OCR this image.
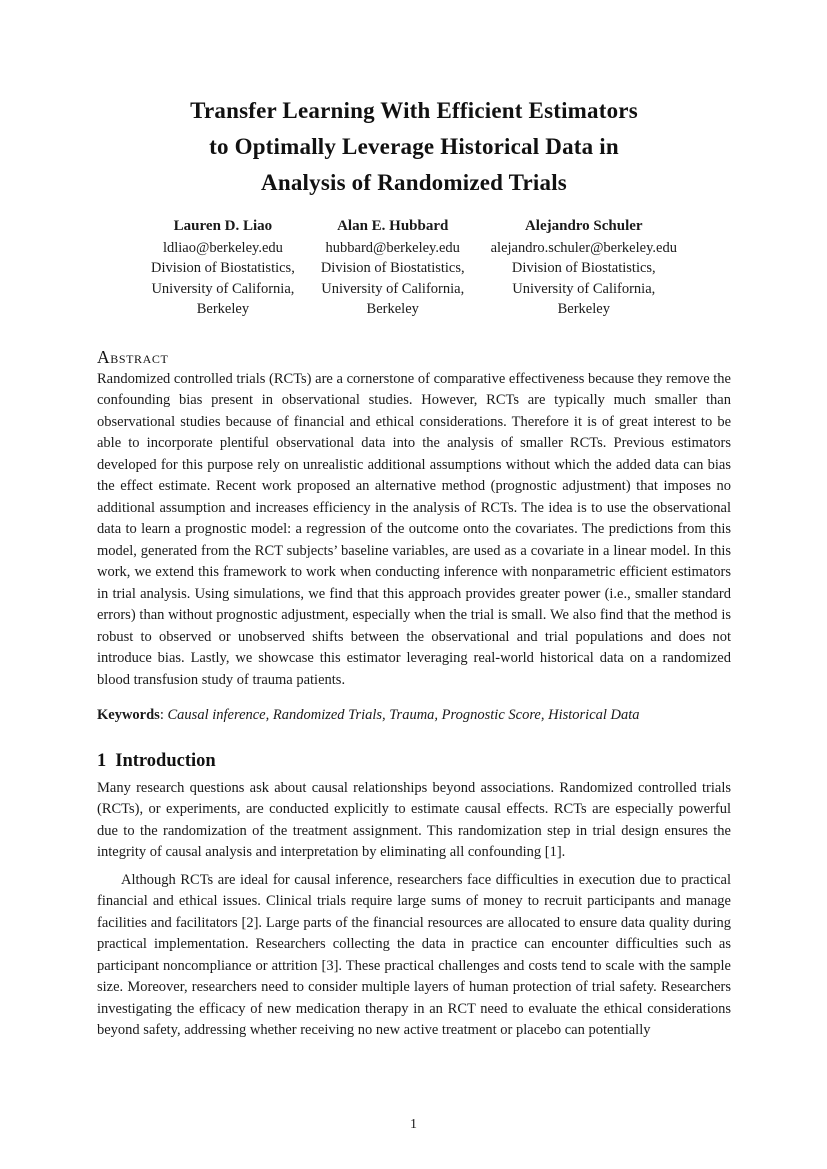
Transfer Learning With Efficient Estimators
to Optimally Leverage Historical Data in
Analysis of Randomized Trials
Lauren D. Liao
ldliao@berkeley.edu
Division of Biostatistics,
University of California,
Berkeley
Alan E. Hubbard
hubbard@berkeley.edu
Division of Biostatistics,
University of California,
Berkeley
Alejandro Schuler
alejandro.schuler@berkeley.edu
Division of Biostatistics,
University of California,
Berkeley
Abstract

Randomized controlled trials (RCTs) are a cornerstone of comparative effectiveness because they remove the confounding bias present in observational studies. However, RCTs are typically much smaller than observational studies because of financial and ethical considerations. Therefore it is of great interest to be able to incorporate plentiful observational data into the analysis of smaller RCTs. Previous estimators developed for this purpose rely on unrealistic additional assumptions without which the added data can bias the effect estimate. Recent work proposed an alternative method (prognostic adjustment) that imposes no additional assumption and increases efficiency in the analysis of RCTs. The idea is to use the observational data to learn a prognostic model: a regression of the outcome onto the covariates. The predictions from this model, generated from the RCT subjects’ baseline variables, are used as a covariate in a linear model. In this work, we extend this framework to work when conducting inference with nonparametric efficient estimators in trial analysis. Using simulations, we find that this approach provides greater power (i.e., smaller standard errors) than without prognostic adjustment, especially when the trial is small. We also find that the method is robust to observed or unobserved shifts between the observational and trial populations and does not introduce bias. Lastly, we showcase this estimator leveraging real-world historical data on a randomized blood transfusion study of trauma patients.

Keywords: Causal inference, Randomized Trials, Trauma, Prognostic Score, Historical Data

1 Introduction

Many research questions ask about causal relationships beyond associations. Randomized controlled trials (RCTs), or experiments, are conducted explicitly to estimate causal effects. RCTs are especially powerful due to the randomization of the treatment assignment. This randomization step in trial design ensures the integrity of causal analysis and interpretation by eliminating all confounding [1].

Although RCTs are ideal for causal inference, researchers face difficulties in execution due to practical financial and ethical issues. Clinical trials require large sums of money to recruit participants and manage facilities and facilitators [2]. Large parts of the financial resources are allocated to ensure data quality during practical implementation. Researchers collecting the data in practice can encounter difficulties such as participant noncompliance or attrition [3]. These practical challenges and costs tend to scale with the sample size. Moreover, researchers need to consider multiple layers of human protection of trial safety. Researchers investigating the efficacy of new medication therapy in an RCT need to evaluate the ethical considerations beyond safety, addressing whether receiving no new active treatment or placebo can potentially

1
